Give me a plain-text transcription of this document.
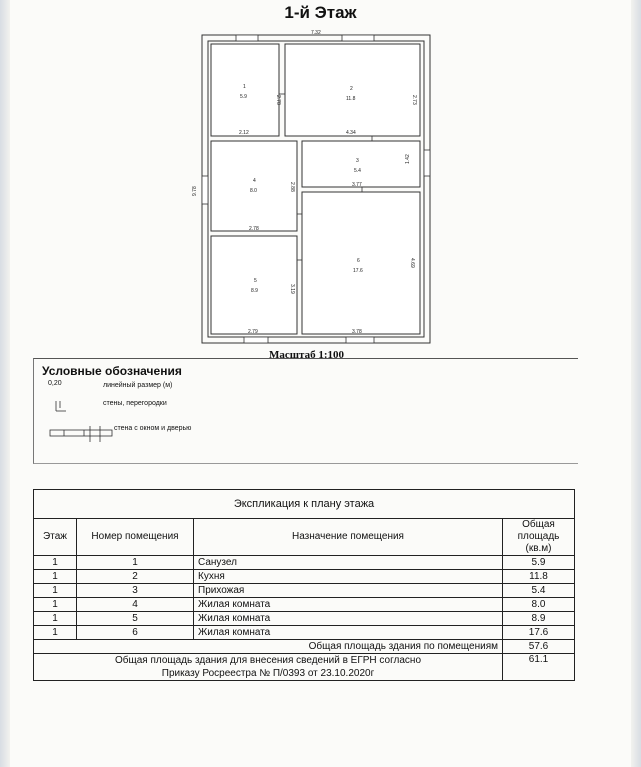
1-й Этаж
7.32
9.78
2.78
2.12
2.73
4.34
1.42
3.77
2.88
2.78
4.69
3.19
2.79	3.78
1
5.9
2
11.8
3
5.4
4
8.0
5
8.9
6
17.6
Масштаб 1:100
Условные обозначения
0,20	линейный размер (м)
стены, перегородки
стена с окном и дверью
Экспликация к плану этажа			
Этаж	Номер помещения	Назначение помещения	Общая площадь (кв.м)
1	1	Санузел	5.9
1	2	Кухня	11.8
1	3	Прихожая	5.4
1	4	Жилая комната	8.0
1	5	Жилая комната	8.9
1	6	Жилая комната	17.6
Общая площадь здания по помещениям			57.6

Общая площадь здания для внесения сведений в ЕГРН согласно
Приказу Росреестра № П/0393 от 23.10.2020г			61.1
